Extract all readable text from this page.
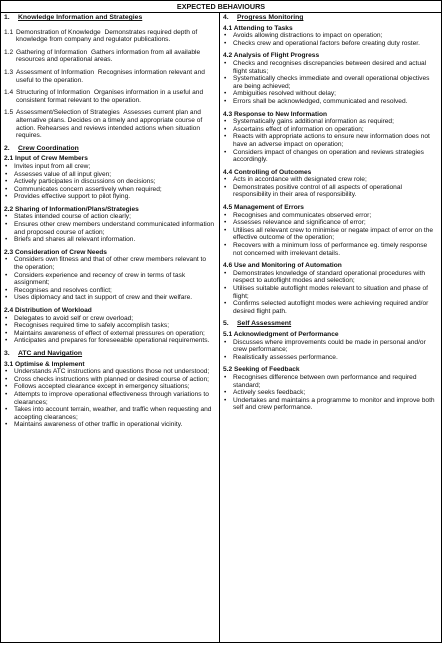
EXPECTED BEHAVIOURS
1. Knowledge Information and Strategies
1.1 Demonstration of Knowledge Demonstrates required depth of knowledge from company and regulator publications.
1.2 Gathering of Information Gathers information from all available resources and operational areas.
1.3 Assessment of Information Recognises information relevant and useful to the operation.
1.4 Structuring of Information Organises information in a useful and consistent format relevant to the operation.
1.5 Assessment/Selection of Strategies Assesses current plan and alternative plans. Decides on a timely and appropriate course of action. Rehearses and reviews intended actions when situation requires.
2. Crew Coordination
2.1 Input of Crew Members
• Invites input from all crew;
• Assesses value of all input given;
• Actively participates in discussions on decisions;
• Communicates concern assertively when required;
• Provides effective support to pilot flying.
2.2 Sharing of Information/Plans/Strategies
• States intended course of action clearly;
• Ensures other crew members understand communicated information and proposed course of action;
• Briefs and shares all relevant information.
2.3 Consideration of Crew Needs
• Considers own fitness and that of other crew members relevant to the operation;
• Considers experience and recency of crew in terms of task assignment;
• Recognises and resolves conflict;
• Uses diplomacy and tact in support of crew and their welfare.
2.4 Distribution of Workload
• Delegates to avoid self or crew overload;
• Recognises required time to safely accomplish tasks;
• Maintains awareness of effect of external pressures on operation;
• Anticipates and prepares for foreseeable operational requirements.
3. ATC and Navigation
3.1 Optimise & Implement
• Understands ATC instructions and questions those not understood;
• Cross checks instructions with planned or desired course of action;
• Follows accepted clearance except in emergency situations;
• Attempts to improve operational effectiveness through variations to clearances;
• Takes into account terrain, weather, and traffic when requesting and accepting clearances;
• Maintains awareness of other traffic in operational vicinity.
4. Progress Monitoring
4.1 Attending to Tasks
• Avoids allowing distractions to impact on operation;
• Checks crew and operational factors before creating duty roster.
4.2 Analysis of Flight Progress
• Checks and recognises discrepancies between desired and actual flight status;
• Systematically checks immediate and overall operational objectives are being achieved;
• Ambiguities resolved without delay;
• Errors shall be acknowledged, communicated and resolved.
4.3 Response to New Information
• Systematically gains additional information as required;
• Ascertains effect of information on operation;
• Reacts with appropriate actions to ensure new information does not have an adverse impact on operation;
• Considers impact of changes on operation and reviews strategies accordingly.
4.4 Controlling of Outcomes
• Acts in accordance with designated crew role;
• Demonstrates positive control of all aspects of operational responsibility in their area of responsibility.
4.5 Management of Errors
• Recognises and communicates observed error;
• Assesses relevance and significance of error;
• Utilises all relevant crew to minimise or negate impact of error on the effective outcome of the operation;
• Recovers with a minimum loss of performance eg. timely response not concerned with irrelevant details.
4.6 Use and Monitoring of Automation
• Demonstrates knowledge of standard operational procedures with respect to autoflight modes and selection;
• Utilises suitable autoflight modes relevant to situation and phase of flight;
• Confirms selected autoflight modes were achieving required and/or desired flight path.
5. Self Assessment
5.1 Acknowledgment of Performance
• Discusses where improvements could be made in personal and/or crew performance;
• Realistically assesses performance.
5.2 Seeking of Feedback
• Recognises difference between own performance and required standard;
• Actively seeks feedback;
• Undertakes and maintains a programme to monitor and improve both self and crew performance.
